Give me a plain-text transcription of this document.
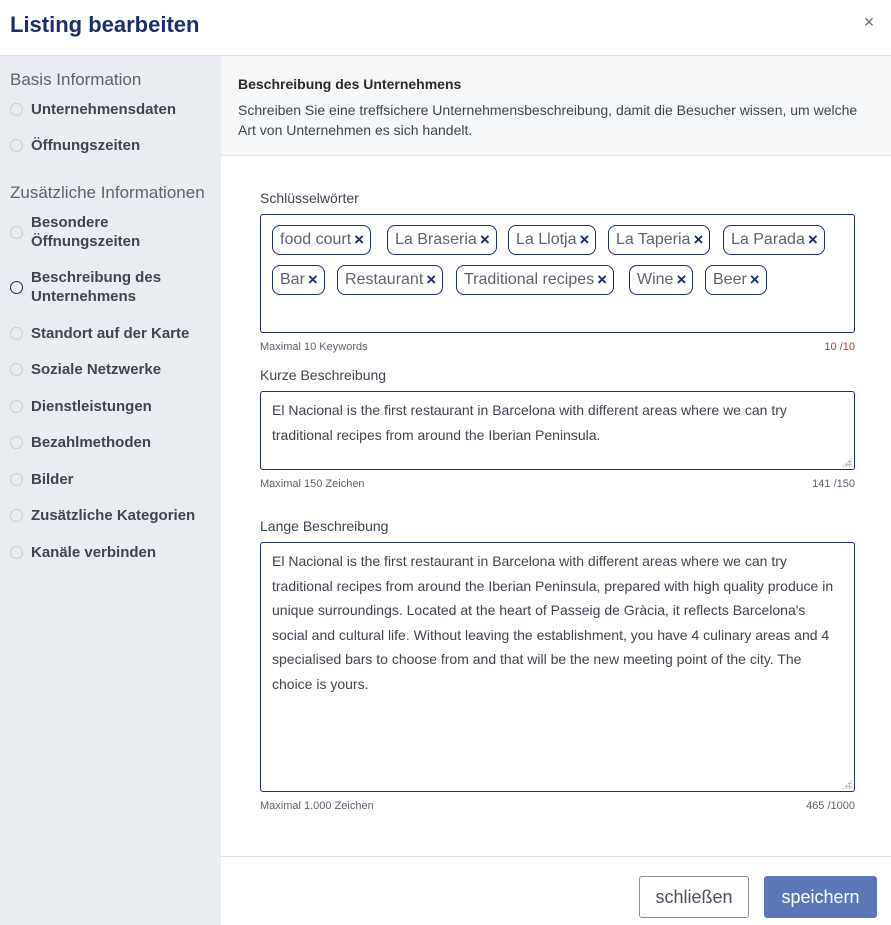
Listing bearbeiten	×
Basis Information
Unternehmensdaten
Öffnungszeiten
Zusätzliche Informationen
Besondere Öffnungszeiten
Beschreibung des Unternehmens
Standort auf der Karte
Soziale Netzwerke
Dienstleistungen
Bezahlmethoden
Bilder
Zusätzliche Kategorien
Kanäle verbinden
Beschreibung des Unternehmens
Schreiben Sie eine treffsichere Unternehmensbeschreibung, damit die Besucher wissen, um welche Art von Unternehmen es sich handelt.
Schlüsselwörter
food court × La Braseria × La Llotja × La Taperia × La Parada ×
Bar × Restaurant × Traditional recipes × Wine × Beer ×
Maximal 10 Keywords	10 /10
Kurze Beschreibung
El Nacional is the first restaurant in Barcelona with different areas where we can try traditional recipes from around the Iberian Peninsula.
Maximal 150 Zeichen	141 /150
Lange Beschreibung
El Nacional is the first restaurant in Barcelona with different areas where we can try traditional recipes from around the Iberian Peninsula, prepared with high quality produce in unique surroundings. Located at the heart of Passeig de Gràcia, it reflects Barcelona's social and cultural life. Without leaving the establishment, you have 4 culinary areas and 4 specialised bars to choose from and that will be the new meeting point of the city. The choice is yours.
Maximal 1.000 Zeichen	465 /1000
schließen	speichern
